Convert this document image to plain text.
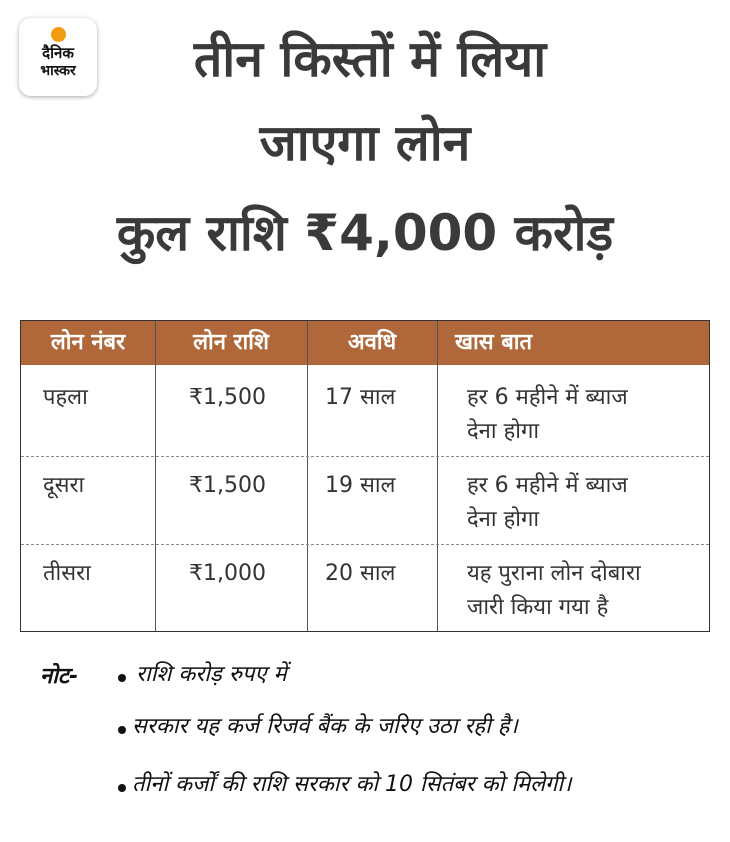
दैनिक
भास्कर	तीन किस्तों में लिया
जाएगा लोन
कुल राशि ₹4,000 करोड़
लोन नंबर	लोन राशि	अवधि	खास बात
पहला	₹1,500	17 साल	हर 6 महीने में ब्याज
देना होगा
दूसरा	₹1,500	19 साल	हर 6 महीने में ब्याज
देना होगा
तीसरा	₹1,000	20 साल	यह पुराना लोन दोबारा
जारी किया गया है
नोट-	राशि करोड़ रुपए में
सरकार यह कर्ज रिजर्व बैंक के जरिए उठा रही है।
तीनों कर्जों की राशि सरकार को 10 सितंबर को मिलेगी।
